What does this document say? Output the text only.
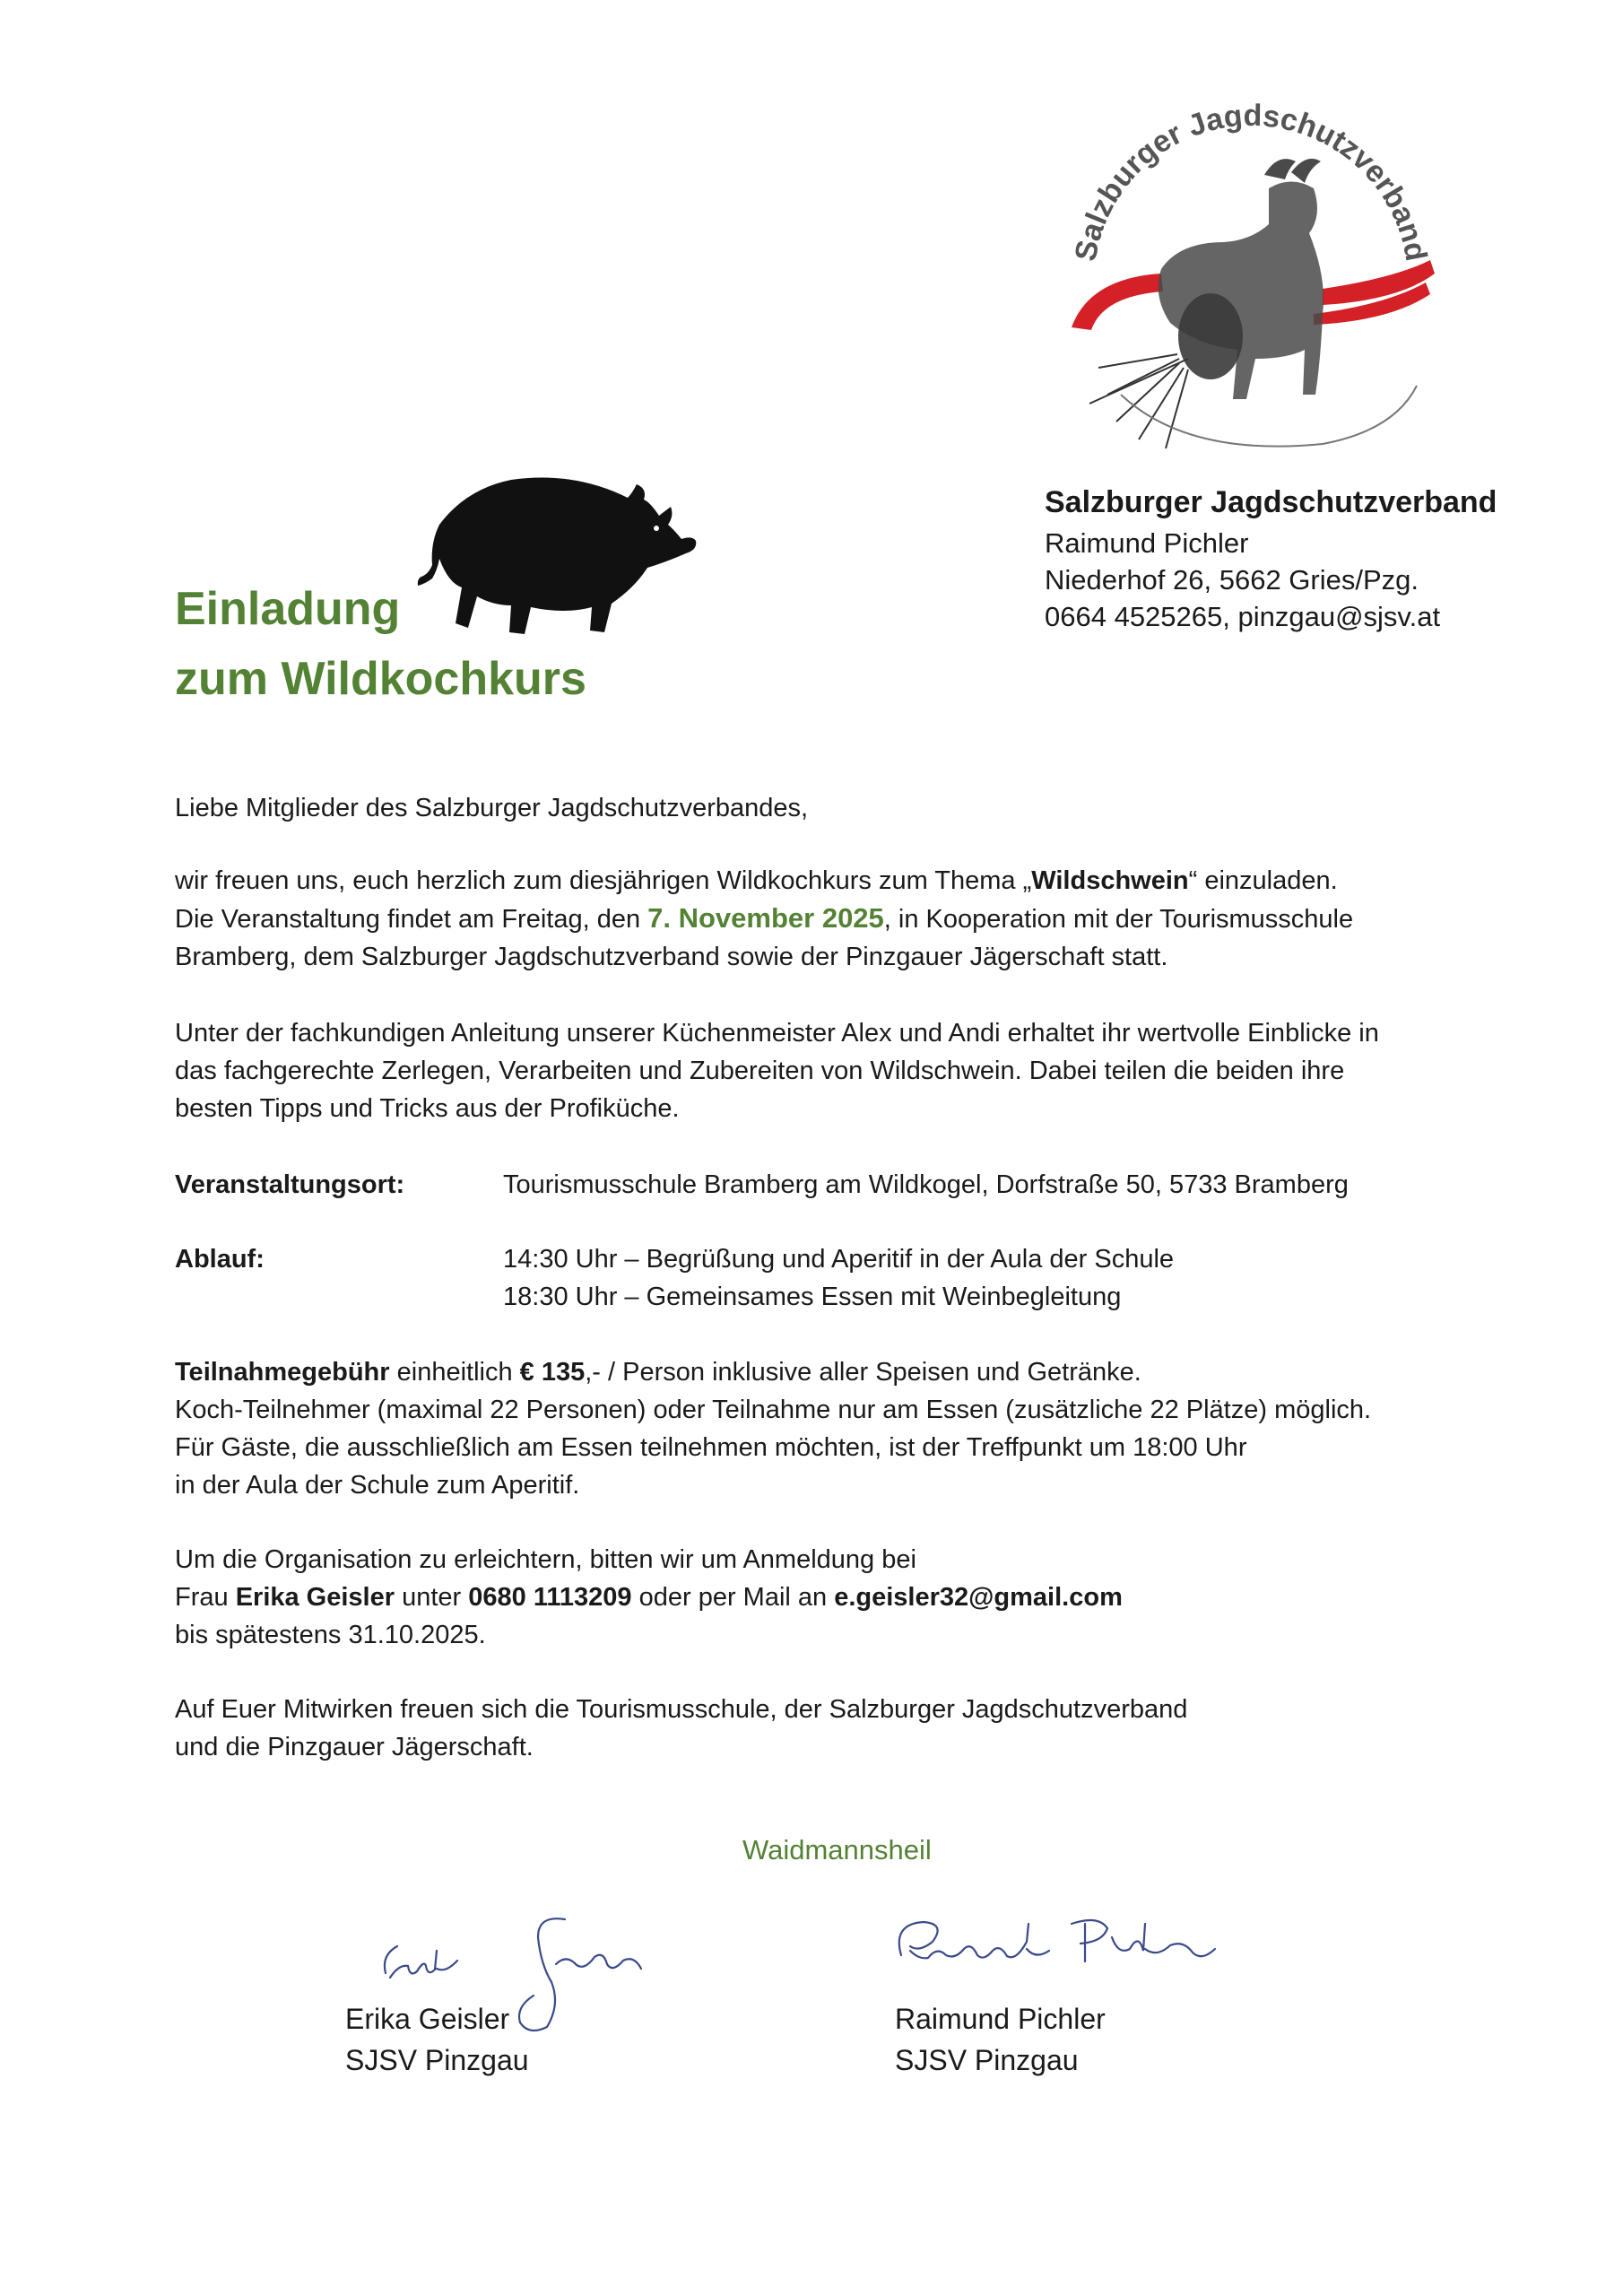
Salzburger Jagdschutzverband
Einladung
zum Wildkochkurs
Salzburger Jagdschutzverband
Raimund Pichler
Niederhof 26, 5662 Gries/Pzg.
0664 4525265, pinzgau@sjsv.at
Liebe Mitglieder des Salzburger Jagdschutzverbandes,
wir freuen uns, euch herzlich zum diesjährigen Wildkochkurs zum Thema „Wildschwein“ einzuladen.
Die Veranstaltung findet am Freitag, den 7. November 2025, in Kooperation mit der Tourismusschule
Bramberg, dem Salzburger Jagdschutzverband sowie der Pinzgauer Jägerschaft statt.
Unter der fachkundigen Anleitung unserer Küchenmeister Alex und Andi erhaltet ihr wertvolle Einblicke in
das fachgerechte Zerlegen, Verarbeiten und Zubereiten von Wildschwein. Dabei teilen die beiden ihre
besten Tipps und Tricks aus der Profiküche.
Veranstaltungsort:	Tourismusschule Bramberg am Wildkogel, Dorfstraße 50, 5733 Bramberg
Ablauf:	14:30 Uhr – Begrüßung und Aperitif in der Aula der Schule
18:30 Uhr – Gemeinsames Essen mit Weinbegleitung
Teilnahmegebühr einheitlich € 135,- / Person inklusive aller Speisen und Getränke.
Koch-Teilnehmer (maximal 22 Personen) oder Teilnahme nur am Essen (zusätzliche 22 Plätze) möglich.
Für Gäste, die ausschließlich am Essen teilnehmen möchten, ist der Treffpunkt um 18:00 Uhr
in der Aula der Schule zum Aperitif.
Um die Organisation zu erleichtern, bitten wir um Anmeldung bei
Frau Erika Geisler unter 0680 1113209 oder per Mail an e.geisler32@gmail.com
bis spätestens 31.10.2025.
Auf Euer Mitwirken freuen sich die Tourismusschule, der Salzburger Jagdschutzverband
und die Pinzgauer Jägerschaft.
Waidmannsheil
Erika Geisler
SJSV Pinzgau
Raimund Pichler
SJSV Pinzgau
